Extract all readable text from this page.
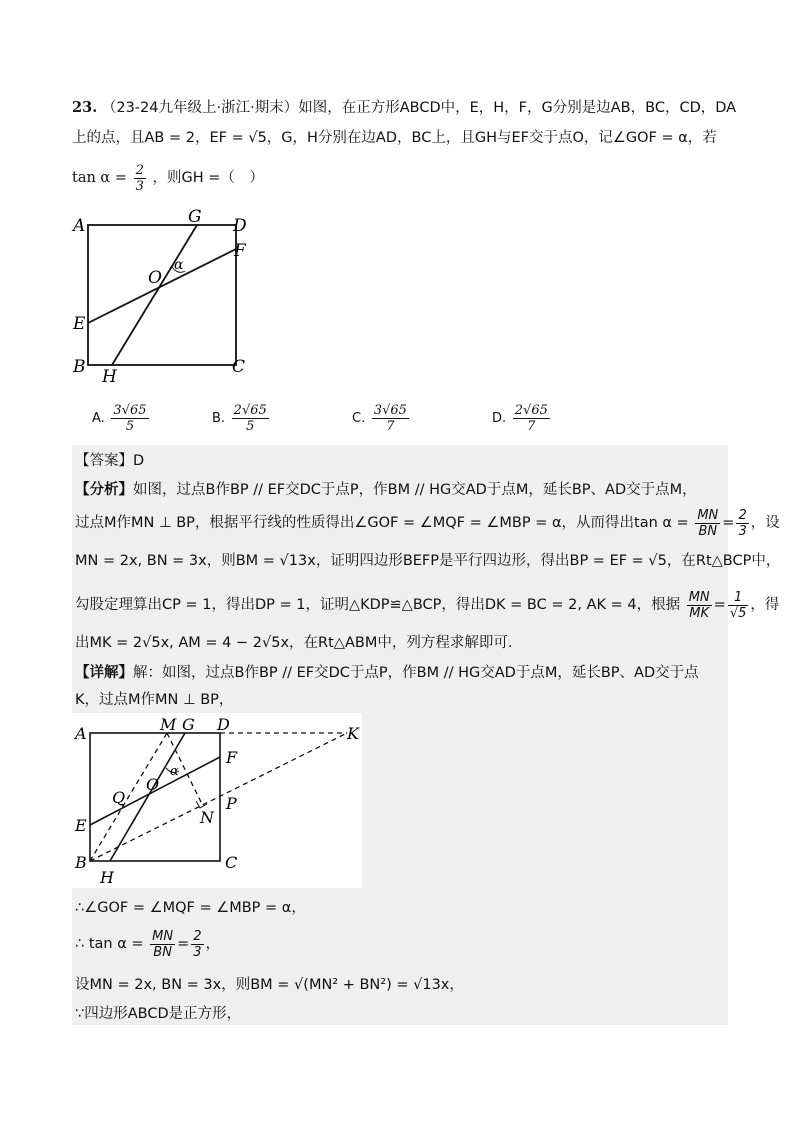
23. （23-24九年级上·浙江·期末）如图，在正方形ABCD中，E，H，F，G分别是边AB，BC，CD，DA
上的点，且AB = 2，EF = √5，G，H分别在边AD，BC上，且GH与EF交于点O，记∠GOF = α，若
$\tan \alpha = \frac{2}{3}$ ，则GH =（　）
A	G D
F
α
O
E
B	C
H
A. $\frac{3√65}{5}$	B. $\frac{2√65}{5}$	C. $\frac{3√65}{7}$	D. $\frac{2√65}{7}$
【答案】D
【分析】如图，过点B作BP // EF交DC于点P，作BM // HG交AD于点M，延长BP、AD交于点M，
过点M作MN ⊥ BP，根据平行线的性质得出∠GOF = ∠MQF = ∠MBP = α，从而得出$\tan \alpha = \frac{MN}{BN} = \frac{2}{3}$ ，设
MN = 2x, BN = 3x，则BM = √13x，证明四边形BEFP是平行四边形，得出BP = EF = √5，在Rt△BCP中，
勾股定理算出CP = 1，得出DP = 1，证明△KDP≌△BCP，得出DK = BC = 2, AK = 4，根据 $\frac{MN}{MK} = \frac{1}{√5}$ ，得
出MK = 2√5x, AM = 4 − 2√5x，在Rt△ABM中，列方程求解即可.
【详解】解：如图，过点B作BP // EF交DC于点P，作BM // HG交AD于点M，延长BP、AD交于点
K，过点M作MN ⊥ BP，
A	M G D	K
F
α
O
Q	P
N
E
B	C
H
∴∠GOF = ∠MQF = ∠MBP = α，
∴ $\tan \alpha = \frac{MN}{BN} = \frac{2}{3}$ ，
设MN = 2x, BN = 3x，则BM = √(MN² + BN²) = √13x，
∵四边形ABCD是正方形，
